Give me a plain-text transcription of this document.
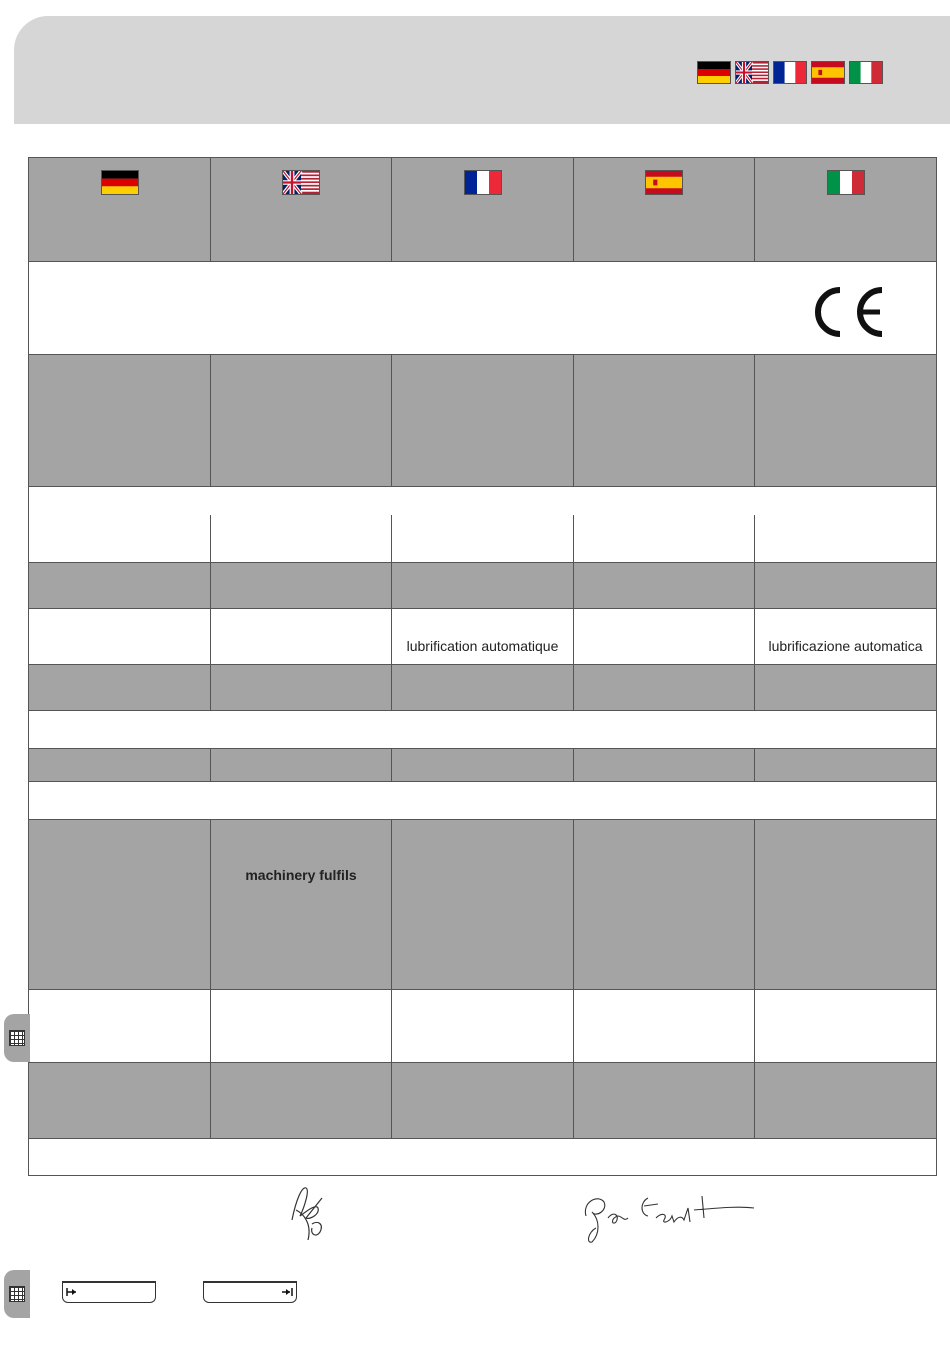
lubrification automatique	lubrificazione automatica
machinery fulfils
